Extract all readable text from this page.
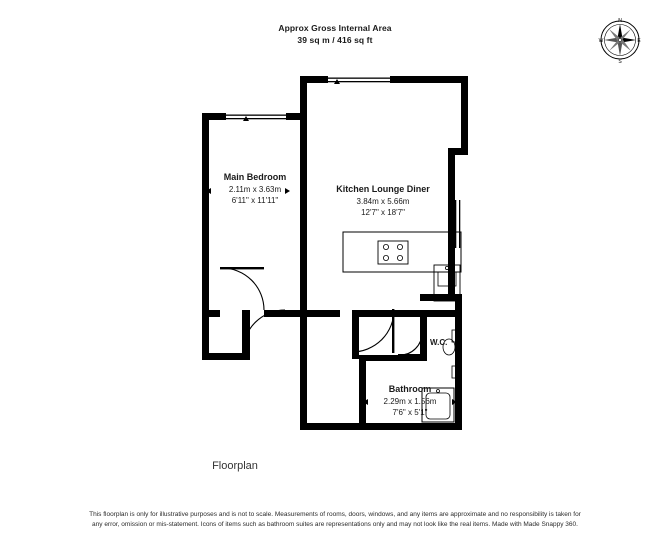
Approx Gross Internal Area
39 sq m / 416 sq ft
N
E
S
W
Main Bedroom
2.11m x 3.63m
6'11" x 11'11"
Kitchen Lounge Diner
3.84m x 5.66m
12'7" x 18'7"
W.C.
Bathroom
2.29m x 1.56m
7'6" x 5'1"
Floorplan
This floorplan is only for illustrative purposes and is not to scale. Measurements of rooms, doors, windows, and any items are approximate and no responsibility is taken for any error, omission or mis-statement. Icons of items such as bathroom suites are representations only and may not look like the real items. Made with Made Snappy 360.
